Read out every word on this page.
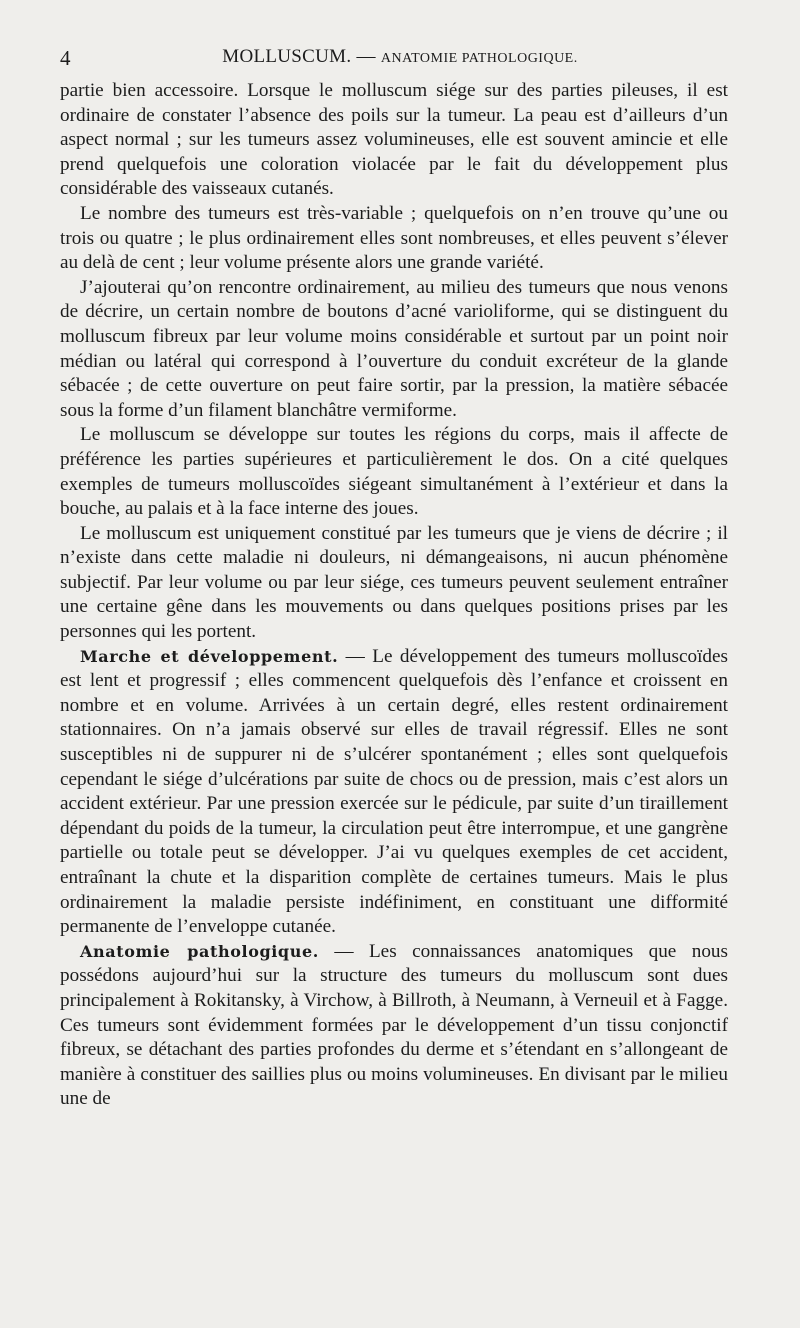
4	MOLLUSCUM. — ANATOMIE PATHOLOGIQUE.

partie bien accessoire. Lorsque le molluscum siége sur des parties pileuses, il est ordinaire de constater l’absence des poils sur la tumeur. La peau est d’ailleurs d’un aspect normal ; sur les tumeurs assez volumineuses, elle est souvent amincie et elle prend quelquefois une coloration violacée par le fait du développement plus considérable des vaisseaux cutanés.

Le nombre des tumeurs est très-variable ; quelquefois on n’en trouve qu’une ou trois ou quatre ; le plus ordinairement elles sont nombreuses, et elles peuvent s’élever au delà de cent ; leur volume présente alors une grande variété.

J’ajouterai qu’on rencontre ordinairement, au milieu des tumeurs que nous venons de décrire, un certain nombre de boutons d’acné varioliforme, qui se distinguent du molluscum fibreux par leur volume moins considérable et surtout par un point noir médian ou latéral qui correspond à l’ouverture du conduit excréteur de la glande sébacée ; de cette ouverture on peut faire sortir, par la pression, la matière sébacée sous la forme d’un filament blanchâtre vermiforme.

Le molluscum se développe sur toutes les régions du corps, mais il affecte de préférence les parties supérieures et particulièrement le dos. On a cité quelques exemples de tumeurs molluscoïdes siégeant simultanément à l’extérieur et dans la bouche, au palais et à la face interne des joues.

Le molluscum est uniquement constitué par les tumeurs que je viens de décrire ; il n’existe dans cette maladie ni douleurs, ni démangeaisons, ni aucun phénomène subjectif. Par leur volume ou par leur siége, ces tumeurs peuvent seulement entraîner une certaine gêne dans les mouvements ou dans quelques positions prises par les personnes qui les portent.

Marche et développement. — Le développement des tumeurs molluscoïdes est lent et progressif ; elles commencent quelquefois dès l’enfance et croissent en nombre et en volume. Arrivées à un certain degré, elles restent ordinairement stationnaires. On n’a jamais observé sur elles de travail régressif. Elles ne sont susceptibles ni de suppurer ni de s’ulcérer spontanément ; elles sont quelquefois cependant le siége d’ulcérations par suite de chocs ou de pression, mais c’est alors un accident extérieur. Par une pression exercée sur le pédicule, par suite d’un tiraillement dépendant du poids de la tumeur, la circulation peut être interrompue, et une gangrène partielle ou totale peut se développer. J’ai vu quelques exemples de cet accident, entraînant la chute et la disparition complète de certaines tumeurs. Mais le plus ordinairement la maladie persiste indéfiniment, en constituant une difformité permanente de l’enveloppe cutanée.

Anatomie pathologique. — Les connaissances anatomiques que nous possédons aujourd’hui sur la structure des tumeurs du molluscum sont dues principalement à Rokitansky, à Virchow, à Billroth, à Neumann, à Verneuil et à Fagge. Ces tumeurs sont évidemment formées par le développement d’un tissu conjonctif fibreux, se détachant des parties profondes du derme et s’étendant en s’allongeant de manière à constituer des saillies plus ou moins volumineuses. En divisant par le milieu une de
